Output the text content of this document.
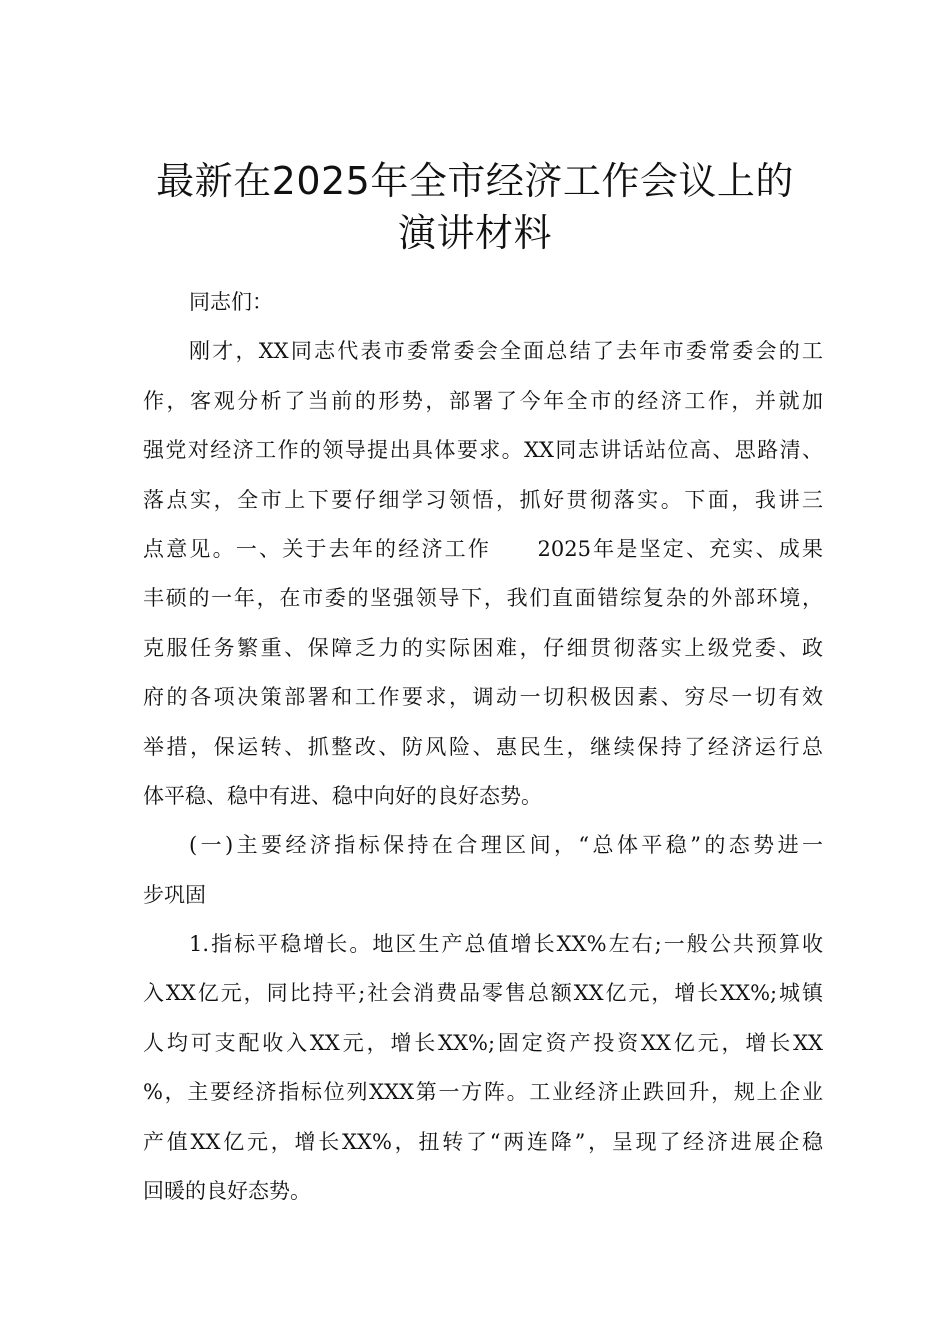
最新在2025年全市经济工作会议上的
演讲材料
同志们：
刚才，XX同志代表市委常委会全面总结了去年市委常委会的工
作，客观分析了当前的形势，部署了今年全市的经济工作，并就加
强党对经济工作的领导提出具体要求。XX同志讲话站位高、思路清、
落点实，全市上下要仔细学习领悟，抓好贯彻落实。下面，我讲三
点意见。一、关于去年的经济工作　　2025年是坚定、充实、成果
丰硕的一年，在市委的坚强领导下，我们直面错综复杂的外部环境，
克服任务繁重、保障乏力的实际困难，仔细贯彻落实上级党委、政
府的各项决策部署和工作要求，调动一切积极因素、穷尽一切有效
举措，保运转、抓整改、防风险、惠民生，继续保持了经济运行总
体平稳、稳中有进、稳中向好的良好态势。
(一)主要经济指标保持在合理区间，“总体平稳”的态势进一
步巩固
1.指标平稳增长。地区生产总值增长XX%左右;一般公共预算收
入XX亿元，同比持平;社会消费品零售总额XX亿元，增长XX%;城镇
人均可支配收入XX元，增长XX%;固定资产投资XX亿元，增长XX
%，主要经济指标位列XXX第一方阵。工业经济止跌回升，规上企业
产值XX亿元，增长XX%，扭转了“两连降”，呈现了经济进展企稳
回暖的良好态势。
